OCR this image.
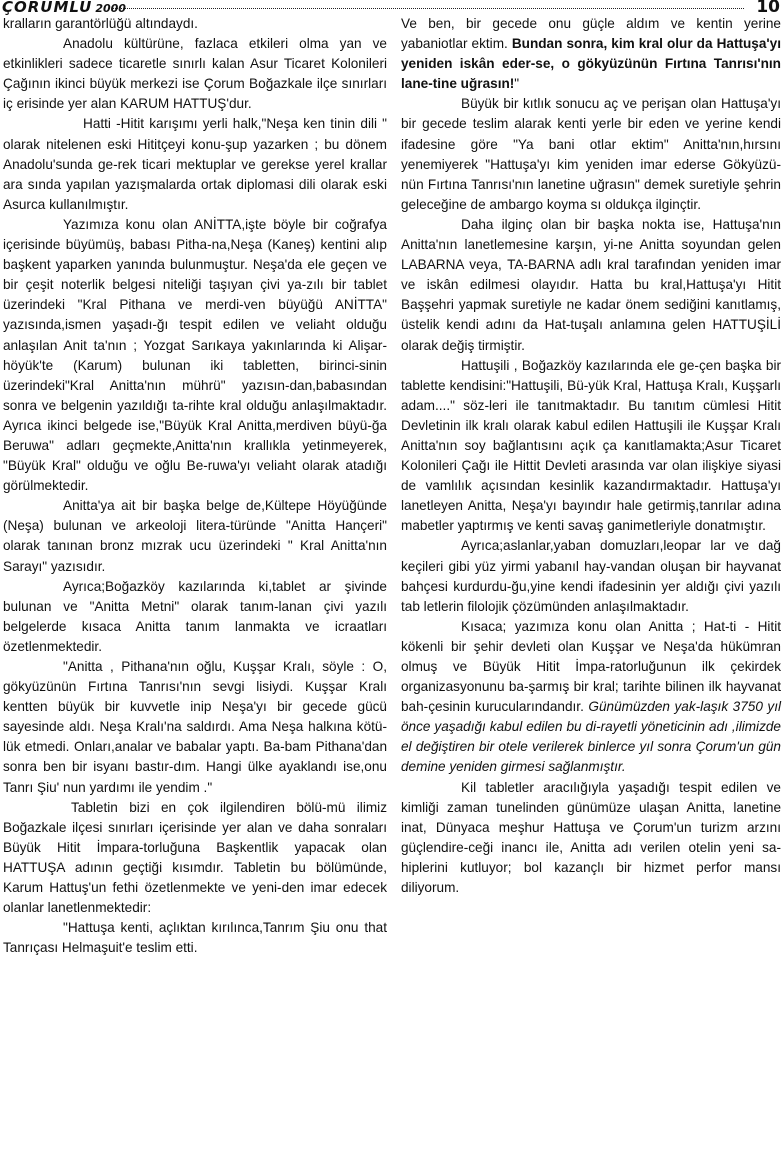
ÇORUMLU 2000	10

kralların garantörlüğü altındaydı.

Anadolu kültürüne, fazlaca etkileri olma yan ve etkinlikleri sadece ticaretle sınırlı kalan Asur Ticaret Kolonileri Çağının ikinci büyük merkezi ise Çorum Boğazkale ilçe sınırları iç erisinde yer alan KARUM HATTUŞ'dur.

Hatti -Hitit karışımı yerli halk,"Neşa ken tinin dili " olarak nitelenen eski Hititçeyi konu-şup yazarken ; bu dönem Anadolu'sunda ge-rek ticari mektuplar ve gerekse yerel krallar ara sında yapılan yazışmalarda ortak diplomasi dili olarak eski Asurca kullanılmıştır.

Yazımıza konu olan ANİTTA,işte böyle bir coğrafya içerisinde büyümüş, babası Pitha-na,Neşa (Kaneş) kentini alıp başkent yaparken yanında bulunmuştur. Neşa'da ele geçen ve bir çeşit noterlik belgesi niteliği taşıyan çivi ya-zılı bir tablet üzerindeki "Kral Pithana ve merdi-ven büyüğü ANİTTA" yazısında,ismen yaşadı-ğı tespit edilen ve veliaht olduğu anlaşılan Anit ta'nın ; Yozgat Sarıkaya yakınlarında ki Alişar-höyük'te (Karum) bulunan iki tabletten, birinci-sinin üzerindeki"Kral Anitta'nın mührü" yazısın-dan,babasından sonra ve belgenin yazıldığı ta-rihte kral olduğu anlaşılmaktadır. Ayrıca ikinci belgede ise,"Büyük Kral Anitta,merdiven büyü-ğa Beruwa" adları geçmekte,Anitta'nın krallıkla yetinmeyerek, "Büyük Kral" olduğu ve oğlu Be-ruwa'yı veliaht olarak atadığı görülmektedir.

Anitta'ya ait bir başka belge de,Kültepe Höyüğünde (Neşa) bulunan ve arkeoloji litera-türünde "Anitta Hançeri" olarak tanınan bronz mızrak ucu üzerindeki " Kral Anitta'nın Sarayı" yazısıdır.

Ayrıca;Boğazköy kazılarında ki,tablet ar şivinde bulunan ve "Anitta Metni" olarak tanım-lanan çivi yazılı belgelerde kısaca Anitta tanım lanmakta ve icraatları özetlenmektedir.

"Anitta , Pithana'nın oğlu, Kuşşar Kralı, söyle : O, gökyüzünün Fırtına Tanrısı'nın sevgi lisiydi. Kuşşar Kralı kentten büyük bir kuvvetle inip Neşa'yı bir gecede gücü sayesinde aldı. Neşa Kralı'na saldırdı. Ama Neşa halkına kötü-lük etmedi. Onları,analar ve babalar yaptı. Ba-bam Pithana'dan sonra ben bir isyanı bastır-dım. Hangi ülke ayaklandı ise,onu Tanrı Şiu' nun yardımı ile yendim ."

Tabletin bizi en çok ilgilendiren bölü-mü ilimiz Boğazkale ilçesi sınırları içerisinde yer alan ve daha sonraları Büyük Hitit İmpara-torluğuna Başkentlik yapacak olan HATTUŞA adının geçtiği kısımdır. Tabletin bu bölümünde, Karum Hattuş'un fethi özetlenmekte ve yeni-den imar edecek olanlar lanetlenmektedir:

"Hattuşa kenti, açlıktan kırılınca,Tanrım Şiu onu that Tanrıçası Helmaşuit'e teslim etti.

Ve ben, bir gecede onu güçle aldım ve kentin yerine yabaniotlar ektim. Bundan sonra, kim kral olur da Hattuşa'yı yeniden iskân eder-se, o gökyüzünün Fırtına Tanrısı'nın lane-tine uğrasın!"

Büyük bir kıtlık sonucu aç ve perişan olan Hattuşa'yı bir gecede teslim alarak kenti yerle bir eden ve yerine kendi ifadesine göre "Ya bani otlar ektim" Anitta'nın,hırsını yenemiyerek "Hattuşa'yı kim yeniden imar ederse Gökyüzü-nün Fırtına Tanrısı'nın lanetine uğrasın" demek suretiyle şehrin geleceğine de ambargo koyma sı oldukça ilginçtir.

Daha ilginç olan bir başka nokta ise, Hattuşa'nın Anitta'nın lanetlemesine karşın, yi-ne Anitta soyundan gelen LABARNA veya, TA-BARNA adlı kral tarafından yeniden imar ve iskân edilmesi olayıdır. Hatta bu kral,Hattuşa'yı Hitit Başşehri yapmak suretiyle ne kadar önem sediğini kanıtlamış, üstelik kendi adını da Hat-tuşalı anlamına gelen HATTUŞİLİ olarak değiş tirmiştir.

Hattuşili , Boğazköy kazılarında ele ge-çen başka bir tablette kendisini:"Hattuşili, Bü-yük Kral, Hattuşa Kralı, Kuşşarlı adam...." söz-leri ile tanıtmaktadır. Bu tanıtım cümlesi Hitit Devletinin ilk kralı olarak kabul edilen Hattuşili ile Kuşşar Kralı Anitta'nın soy bağlantısını açık ça kanıtlamakta;Asur Ticaret Kolonileri Çağı ile Hittit Devleti arasında var olan ilişkiye siyasi de vamlılık açısından kesinlik kazandırmaktadır. Hattuşa'yı lanetleyen Anitta, Neşa'yı bayındır hale getirmiş,tanrılar adına mabetler yaptırmış ve kenti savaş ganimetleriyle donatmıştır.

Ayrıca;aslanlar,yaban domuzları,leopar lar ve dağ keçileri gibi yüz yirmi yabanıl hay-vandan oluşan bir hayvanat bahçesi kurdurdu-ğu,yine kendi ifadesinin yer aldığı çivi yazılı tab letlerin filolojik çözümünden anlaşılmaktadır.

Kısaca; yazımıza konu olan Anitta ; Hat-ti - Hitit kökenli bir şehir devleti olan Kuşşar ve Neşa'da hükümran olmuş ve Büyük Hitit İmpa-ratorluğunun ilk çekirdek organizasyonunu ba-şarmış bir kral; tarihte bilinen ilk hayvanat bah-çesinin kurucularındandır. Günümüzden yak-laşık 3750 yıl önce yaşadığı kabul edilen bu di-rayetli yöneticinin adı ,ilimizde el değiştiren bir otele verilerek binlerce yıl sonra Çorum'un gün demine yeniden girmesi sağlanmıştır.

Kil tabletler aracılığıyla yaşadığı tespit edilen ve kimliği zaman tunelinden günümüze ulaşan Anitta, lanetine inat, Dünyaca meşhur Hattuşa ve Çorum'un turizm arzını güçlendire-ceği inancı ile, Anitta adı verilen otelin yeni sa-hiplerini kutluyor; bol kazançlı bir hizmet perfor mansı diliyorum.
